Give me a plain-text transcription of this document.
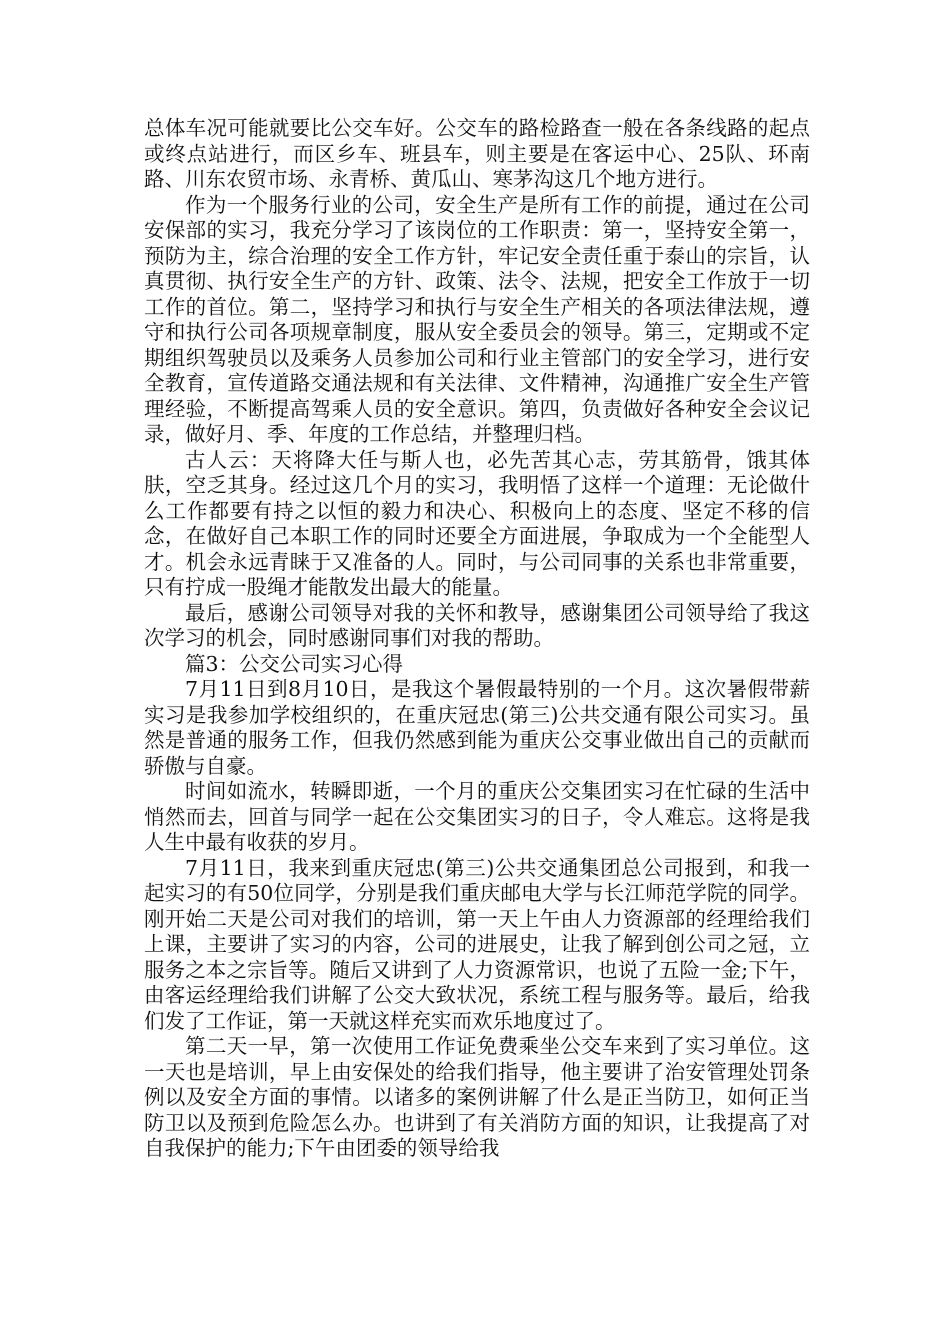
总体车况可能就要比公交车好。公交车的路检路查一般在各条线路的起点或终点站进行，而区乡车、班县车，则主要是在客运中心、25队、环南路、川东农贸市场、永青桥、黄瓜山、寒茅沟这几个地方进行。

作为一个服务行业的公司，安全生产是所有工作的前提，通过在公司安保部的实习，我充分学习了该岗位的工作职责：第一，坚持安全第一，预防为主，综合治理的安全工作方针，牢记安全责任重于泰山的宗旨，认真贯彻、执行安全生产的方针、政策、法令、法规，把安全工作放于一切工作的首位。第二，坚持学习和执行与安全生产相关的各项法律法规，遵守和执行公司各项规章制度，服从安全委员会的领导。第三，定期或不定期组织驾驶员以及乘务人员参加公司和行业主管部门的安全学习，进行安全教育，宣传道路交通法规和有关法律、文件精神，沟通推广安全生产管理经验，不断提高驾乘人员的安全意识。第四，负责做好各种安全会议记录，做好月、季、年度的工作总结，并整理归档。

古人云：天将降大任与斯人也，必先苦其心志，劳其筋骨，饿其体肤，空乏其身。经过这几个月的实习，我明悟了这样一个道理：无论做什么工作都要有持之以恒的毅力和决心、积极向上的态度、坚定不移的信念，在做好自己本职工作的同时还要全方面进展，争取成为一个全能型人才。机会永远青睐于又准备的人。同时，与公司同事的关系也非常重要，只有拧成一股绳才能散发出最大的能量。

最后，感谢公司领导对我的关怀和教导，感谢集团公司领导给了我这次学习的机会，同时感谢同事们对我的帮助。

篇3：公交公司实习心得

7月11日到8月10日，是我这个暑假最特别的一个月。这次暑假带薪实习是我参加学校组织的，在重庆冠忠(第三)公共交通有限公司实习。虽然是普通的服务工作，但我仍然感到能为重庆公交事业做出自己的贡献而骄傲与自豪。

时间如流水，转瞬即逝，一个月的重庆公交集团实习在忙碌的生活中悄然而去，回首与同学一起在公交集团实习的日子，令人难忘。这将是我人生中最有收获的岁月。

7月11日，我来到重庆冠忠(第三)公共交通集团总公司报到，和我一起实习的有50位同学，分别是我们重庆邮电大学与长江师范学院的同学。刚开始二天是公司对我们的培训，第一天上午由人力资源部的经理给我们上课，主要讲了实习的内容，公司的进展史，让我了解到创公司之冠，立服务之本之宗旨等。随后又讲到了人力资源常识，也说了五险一金;下午，由客运经理给我们讲解了公交大致状况，系统工程与服务等。最后，给我们发了工作证，第一天就这样充实而欢乐地度过了。

第二天一早，第一次使用工作证免费乘坐公交车来到了实习单位。这一天也是培训，早上由安保处的给我们指导，他主要讲了治安管理处罚条例以及安全方面的事情。以诸多的案例讲解了什么是正当防卫，如何正当防卫以及预到危险怎么办。也讲到了有关消防方面的知识，让我提高了对自我保护的能力;下午由团委的领导给我
